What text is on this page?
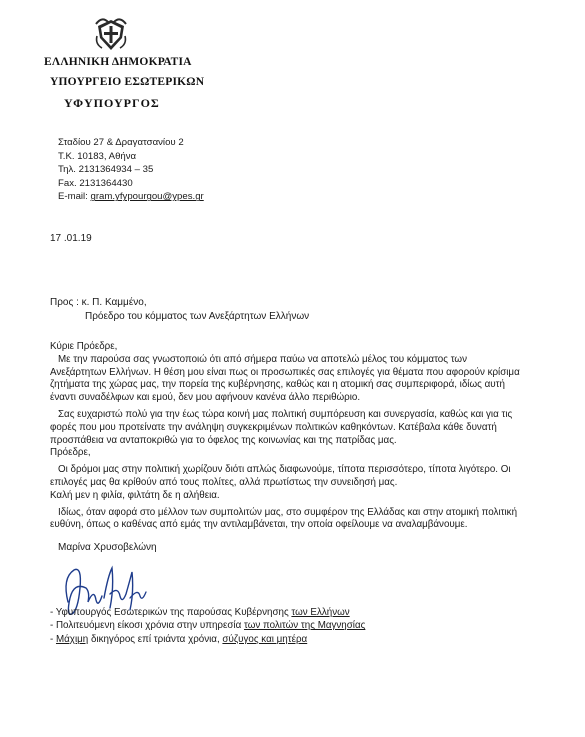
ΕΛΛΗΝΙΚΗ ΔΗΜΟΚΡΑΤΙΑ
ΥΠΟΥΡΓΕΙΟ ΕΣΩΤΕΡΙΚΩΝ
ΥΦΥΠΟΥΡΓΟΣ
Σταδίου 27 & Δραγατσανίου 2
Τ.Κ. 10183, Αθήνα
Τηλ. 2131364934 – 35
Fax. 2131364430
E-mail: gram.yfypourgou@ypes.gr
17 .01.19
Προς : κ. Π. Καμμένο,
Πρόεδρο του κόμματος των Ανεξάρτητων Ελλήνων
Κύριε Πρόεδρε,
Με την παρούσα σας γνωστοποιώ ότι από σήμερα παύω να αποτελώ μέλος του κόμματος των
Ανεξάρτητων Ελλήνων. Η θέση μου είναι πως οι προσωπικές σας επιλογές για θέματα που αφορούν κρίσιμα
ζητήματα της χώρας μας, την πορεία της κυβέρνησης, καθώς και η ατομική σας συμπεριφορά, ιδίως αυτή
έναντι συναδέλφων και εμού, δεν μου αφήνουν κανένα άλλο περιθώριο.
Σας ευχαριστώ πολύ για την έως τώρα κοινή μας πολιτική συμπόρευση και συνεργασία, καθώς και για τις
φορές που μου προτείνατε την ανάληψη συγκεκριμένων πολιτικών καθηκόντων. Κατέβαλα κάθε δυνατή
προσπάθεια να ανταποκριθώ για το όφελος της κοινωνίας και της πατρίδας μας.
Πρόεδρε,
Οι δρόμοι μας στην πολιτική χωρίζουν διότι απλώς διαφωνούμε, τίποτα περισσότερο, τίποτα λιγότερο. Οι
επιλογές μας θα κρίθούν από τους πολίτες, αλλά πρωτίστως την συνειδησή μας.
Καλή μεν η φιλία, φιλτάτη δε η αλήθεια.
Ιδίως, όταν αφορά στο μέλλον των συμπολιτών μας, στο συμφέρον της Ελλάδας και στην ατομική πολιτική
ευθύνη, όπως ο καθένας από εμάς την αντιλαμβάνεται, την οποία οφείλουμε να αναλαμβάνουμε.
Μαρίνα Χρυσοβελώνη
- Υφυπουργός Εσωτερικών της παρούσας Κυβέρνησης των Ελλήνων
- Πολιτευόμενη είκοσι χρόνια στην υπηρεσία των πολιτών της Μαγνησίας
- Μάχιμη δικηγόρος επί τριάντα χρόνια, σύζυγος και μητέρα
